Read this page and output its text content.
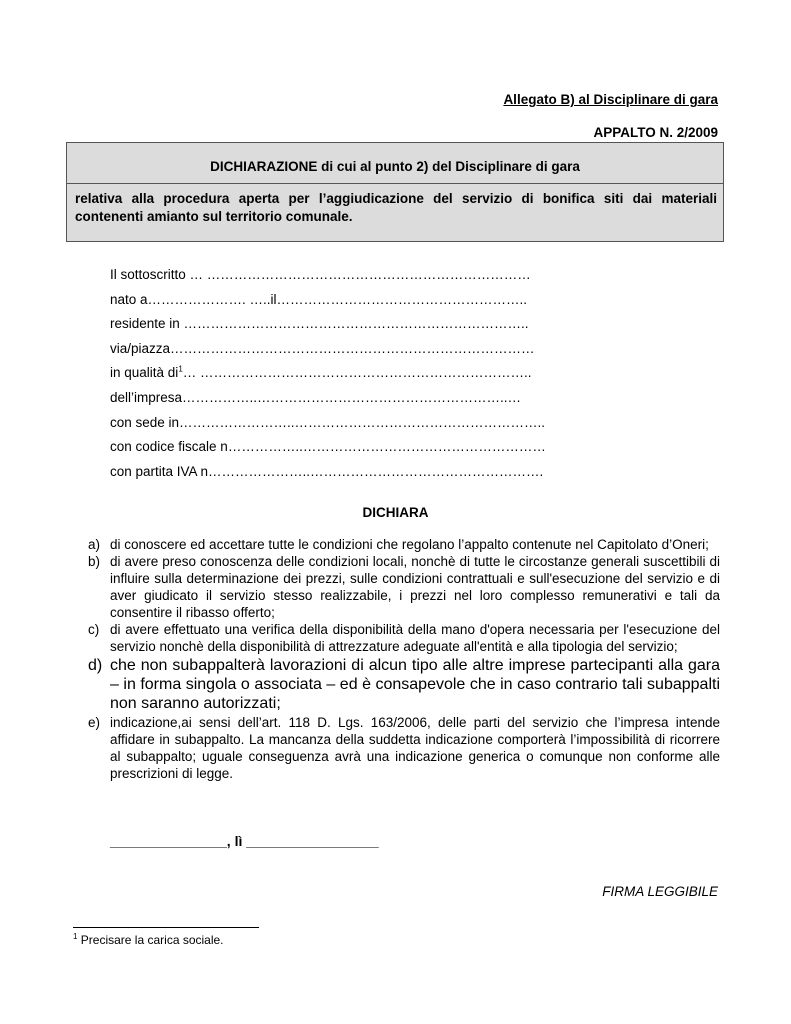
Allegato B) al Disciplinare di gara
APPALTO N. 2/2009
DICHIARAZIONE di cui al punto 2) del Disciplinare di gara
relativa alla procedura aperta per l’aggiudicazione del servizio di bonifica siti dai materiali contenenti amianto sul territorio comunale.
Il sottoscritto … ………………………………………………………………
nato a…………………. …..il………………………………………………..
residente in …………………………………………………………………..
via/piazza………………………………………………………………………
in qualità $di^1\dots$ ………………………………………………………………..
dell’impresa……………..………………………………………………..…
con sede in……………………..………………………………………………..
con codice fiscale n……………..………………………………………………
con partita IVA n…………………..…………………………………………….
DICHIARA
a) di conoscere ed accettare tutte le condizioni che regolano l’appalto contenute nel Capitolato d’Oneri;
b) di avere preso conoscenza delle condizioni locali, nonchè di tutte le circostanze generali suscettibili di influire sulla determinazione dei prezzi, sulle condizioni contrattuali e sull'esecuzione del servizio e di aver giudicato il servizio stesso realizzabile, i prezzi nel loro complesso remunerativi e tali da consentire il ribasso offerto;
c) di avere effettuato una verifica della disponibilità della mano d'opera necessaria per l'esecuzione del servizio nonchè della disponibilità di attrezzature adeguate all'entità e alla tipologia del servizio;
d) che non subappalterà lavorazioni di alcun tipo alle altre imprese partecipanti alla gara – in forma singola o associata – ed è consapevole che in caso contrario tali subappalti non saranno autorizzati;
e) indicazione,ai sensi dell’art. 118 D. Lgs. 163/2006, delle parti del servizio che l’impresa intende affidare in subappalto. La mancanza della suddetta indicazione comporterà l’impossibilità di ricorrere al subappalto; uguale conseguenza avrà una indicazione generica o comunque non conforme alle prescrizioni di legge.
_______________, lì _________________
FIRMA LEGGIBILE
$^1$ Precisare la carica sociale.
